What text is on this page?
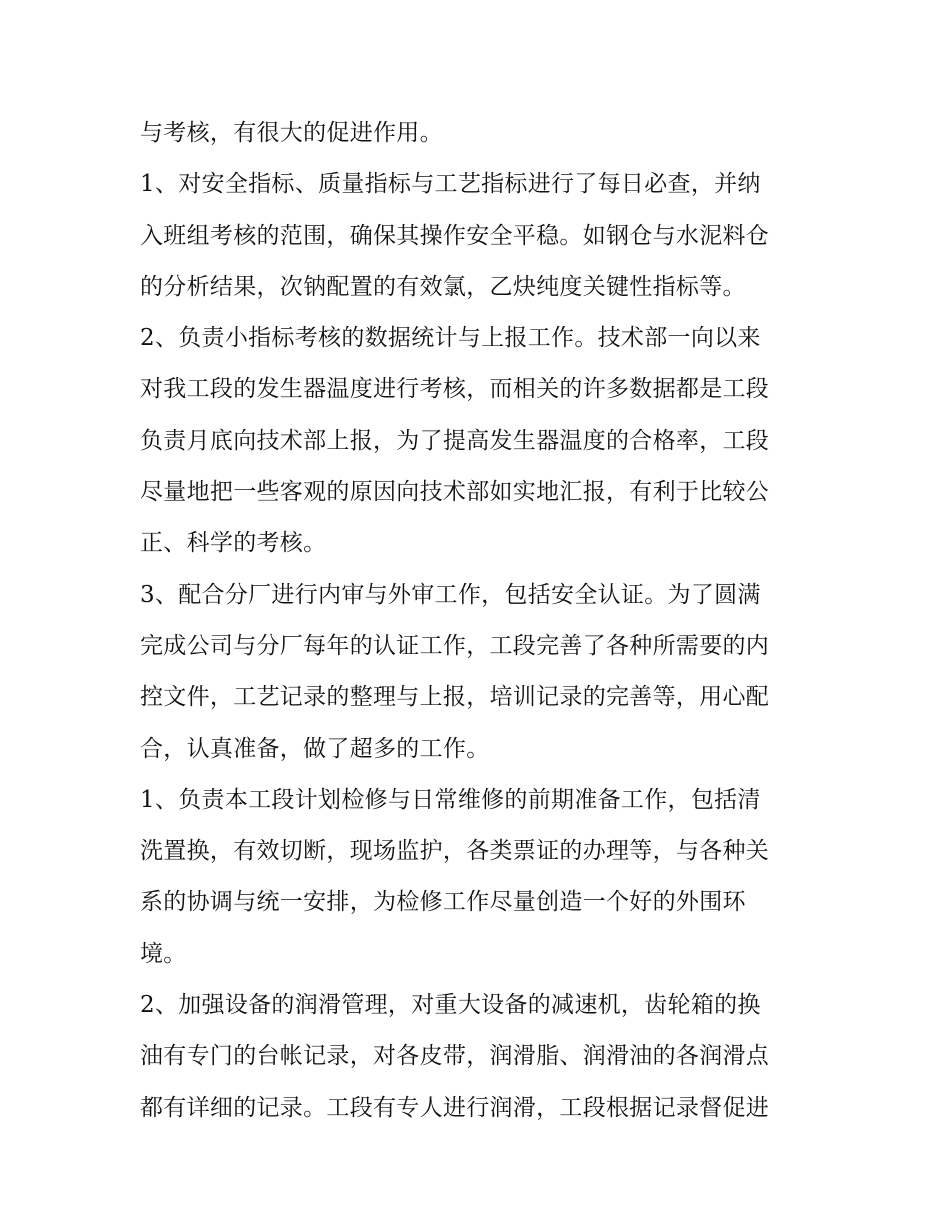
与考核，有很大的促进作用。
1、对安全指标、质量指标与工艺指标进行了每日必查，并纳
入班组考核的范围，确保其操作安全平稳。如钢仓与水泥料仓
的分析结果，次钠配置的有效氯，乙炔纯度关键性指标等。
2、负责小指标考核的数据统计与上报工作。技术部一向以来
对我工段的发生器温度进行考核，而相关的许多数据都是工段
负责月底向技术部上报，为了提高发生器温度的合格率，工段
尽量地把一些客观的原因向技术部如实地汇报，有利于比较公
正、科学的考核。
3、配合分厂进行内审与外审工作，包括安全认证。为了圆满
完成公司与分厂每年的认证工作，工段完善了各种所需要的内
控文件，工艺记录的整理与上报，培训记录的完善等，用心配
合，认真准备，做了超多的工作。
1、负责本工段计划检修与日常维修的前期准备工作，包括清
洗置换，有效切断，现场监护，各类票证的办理等，与各种关
系的协调与统一安排，为检修工作尽量创造一个好的外围环
境。
2、加强设备的润滑管理，对重大设备的减速机，齿轮箱的换
油有专门的台帐记录，对各皮带，润滑脂、润滑油的各润滑点
都有详细的记录。工段有专人进行润滑，工段根据记录督促进
